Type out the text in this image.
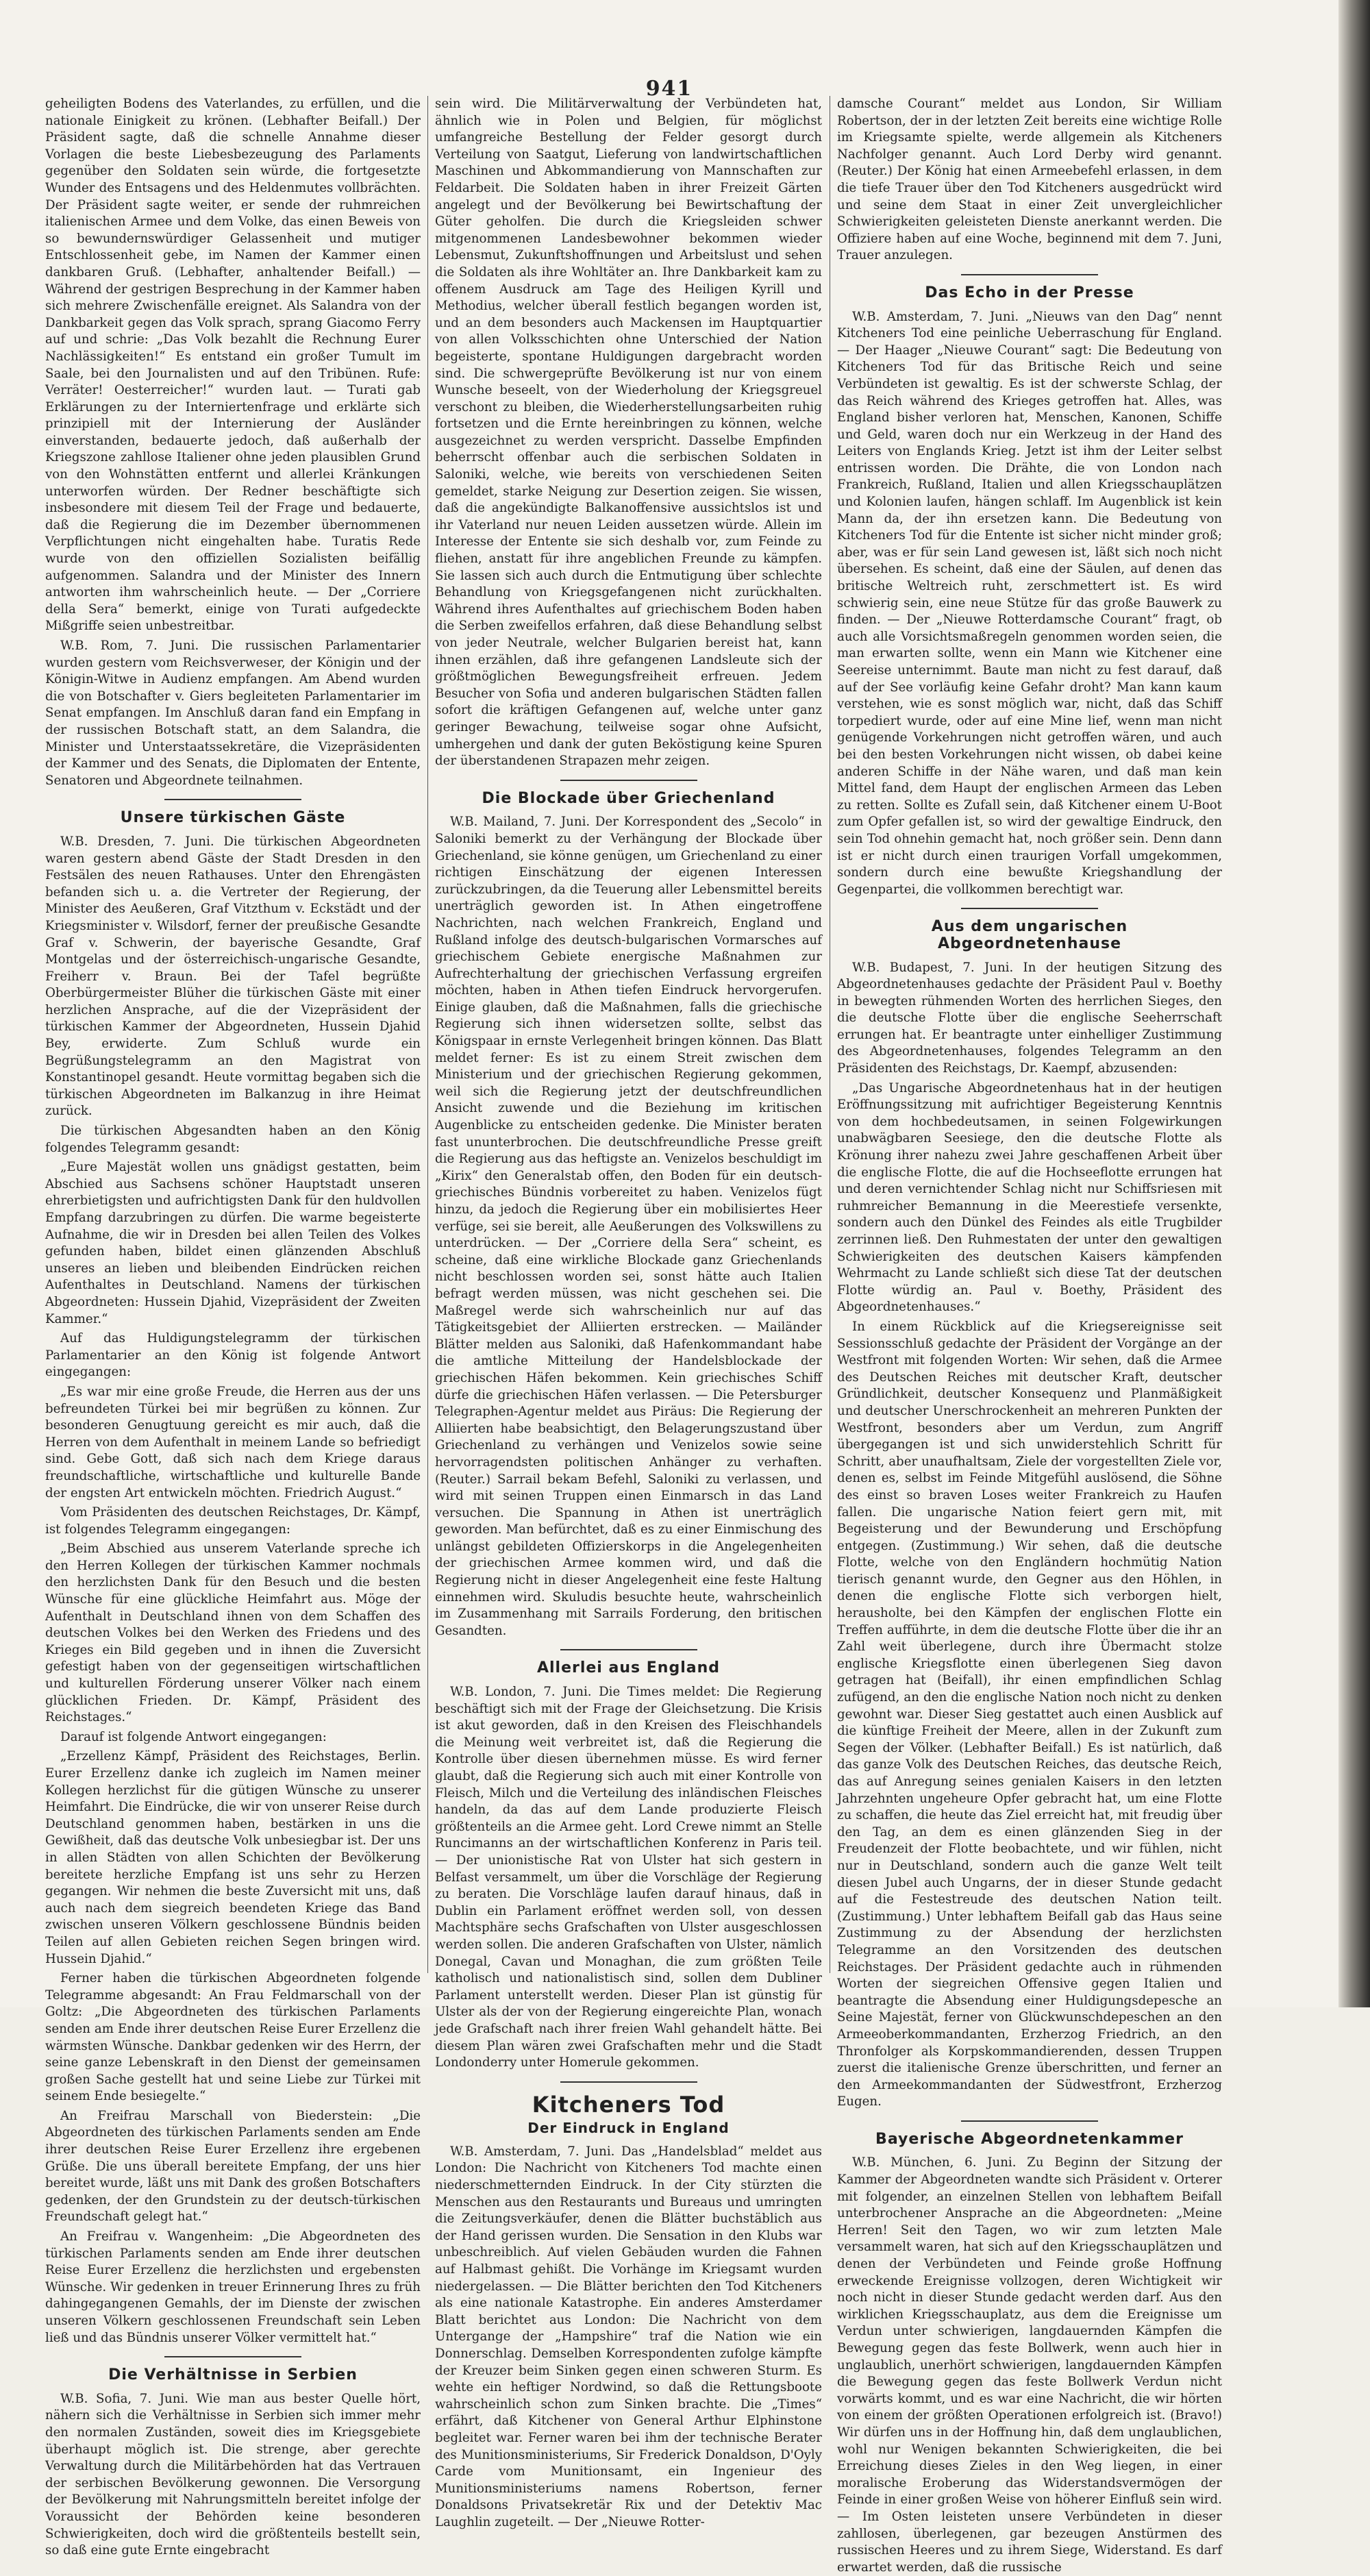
941

geheiligten Bodens des Vaterlandes, zu erfüllen, und die nationale Einigkeit zu krönen. (Lebhafter Beifall.) Der Präsident sagte, daß die schnelle Annahme dieser Vorlagen die beste Liebesbezeugung des Parlaments gegenüber den Soldaten sein würde, die fortgesetzte Wunder des Entsagens und des Heldenmutes vollbrächten. Der Präsident sagte weiter, er sende der ruhmreichen italienischen Armee und dem Volke, das einen Beweis von so bewundernswürdiger Gelassenheit und mutiger Entschlossenheit gebe, im Namen der Kammer einen dankbaren Gruß. (Lebhafter, anhaltender Beifall.) — Während der gestrigen Besprechung in der Kammer haben sich mehrere Zwischenfälle ereignet. Als Salandra von der Dankbarkeit gegen das Volk sprach, sprang Giacomo Ferry auf und schrie: „Das Volk bezahlt die Rechnung Eurer Nachlässigkeiten!“ Es entstand ein großer Tumult im Saale, bei den Journalisten und auf den Tribünen. Rufe: Verräter! Oesterreicher!“ wurden laut. — Turati gab Erklärungen zu der Interniertenfrage und erklärte sich prinzipiell mit der Internierung der Ausländer einverstanden, bedauerte jedoch, daß außerhalb der Kriegszone zahllose Italiener ohne jeden plausiblen Grund von den Wohnstätten entfernt und allerlei Kränkungen unterworfen würden. Der Redner beschäftigte sich insbesondere mit diesem Teil der Frage und bedauerte, daß die Regierung die im Dezember übernommenen Verpflichtungen nicht eingehalten habe. Turatis Rede wurde von den offiziellen Sozialisten beifällig aufgenommen. Salandra und der Minister des Innern antworten ihm wahrscheinlich heute. — Der „Corriere della Sera“ bemerkt, einige von Turati aufgedeckte Mißgriffe seien unbestreitbar.

W.B. Rom, 7. Juni. Die russischen Parlamentarier wurden gestern vom Reichsverweser, der Königin und der Königin-Witwe in Audienz empfangen. Am Abend wurden die von Botschafter v. Giers begleiteten Parlamentarier im Senat empfangen. Im Anschluß daran fand ein Empfang in der russischen Botschaft statt, an dem Salandra, die Minister und Unterstaatssekretäre, die Vizepräsidenten der Kammer und des Senats, die Diplomaten der Entente, Senatoren und Abgeordnete teilnahmen.

Unsere türkischen Gäste

W.B. Dresden, 7. Juni. Die türkischen Abgeordneten waren gestern abend Gäste der Stadt Dresden in den Festsälen des neuen Rathauses. Unter den Ehrengästen befanden sich u. a. die Vertreter der Regierung, der Minister des Aeußeren, Graf Vitzthum v. Eckstädt und der Kriegsminister v. Wilsdorf, ferner der preußische Gesandte Graf v. Schwerin, der bayerische Gesandte, Graf Montgelas und der österreichisch-ungarische Gesandte, Freiherr v. Braun. Bei der Tafel begrüßte Oberbürgermeister Blüher die türkischen Gäste mit einer herzlichen Ansprache, auf die der Vizepräsident der türkischen Kammer der Abgeordneten, Hussein Djahid Bey, erwiderte. Zum Schluß wurde ein Begrüßungstelegramm an den Magistrat von Konstantinopel gesandt. Heute vormittag begaben sich die türkischen Abgeordneten im Balkanzug in ihre Heimat zurück.

Die türkischen Abgesandten haben an den König folgendes Telegramm gesandt:

„Eure Majestät wollen uns gnädigst gestatten, beim Abschied aus Sachsens schöner Hauptstadt unseren ehrerbietigsten und aufrichtigsten Dank für den huldvollen Empfang darzubringen zu dürfen. Die warme begeisterte Aufnahme, die wir in Dresden bei allen Teilen des Volkes gefunden haben, bildet einen glänzenden Abschluß unseres an lieben und bleibenden Eindrücken reichen Aufenthaltes in Deutschland. Namens der türkischen Abgeordneten: Hussein Djahid, Vizepräsident der Zweiten Kammer.“

Auf das Huldigungstelegramm der türkischen Parlamentarier an den König ist folgende Antwort eingegangen:

„Es war mir eine große Freude, die Herren aus der uns befreundeten Türkei bei mir begrüßen zu können. Zur besonderen Genugtuung gereicht es mir auch, daß die Herren von dem Aufenthalt in meinem Lande so befriedigt sind. Gebe Gott, daß sich nach dem Kriege daraus freundschaftliche, wirtschaftliche und kulturelle Bande der engsten Art entwickeln möchten. Friedrich August.“

Vom Präsidenten des deutschen Reichstages, Dr. Kämpf, ist folgendes Telegramm eingegangen:

„Beim Abschied aus unserem Vaterlande spreche ich den Herren Kollegen der türkischen Kammer nochmals den herzlichsten Dank für den Besuch und die besten Wünsche für eine glückliche Heimfahrt aus. Möge der Aufenthalt in Deutschland ihnen von dem Schaffen des deutschen Volkes bei den Werken des Friedens und des Krieges ein Bild gegeben und in ihnen die Zuversicht gefestigt haben von der gegenseitigen wirtschaftlichen und kulturellen Förderung unserer Völker nach einem glücklichen Frieden. Dr. Kämpf, Präsident des Reichstages.“

Darauf ist folgende Antwort eingegangen:

„Erzellenz Kämpf, Präsident des Reichstages, Berlin. Eurer Erzellenz danke ich zugleich im Namen meiner Kollegen herzlichst für die gütigen Wünsche zu unserer Heimfahrt. Die Eindrücke, die wir von unserer Reise durch Deutschland genommen haben, bestärken in uns die Gewißheit, daß das deutsche Volk unbesiegbar ist. Der uns in allen Städten von allen Schichten der Bevölkerung bereitete herzliche Empfang ist uns sehr zu Herzen gegangen. Wir nehmen die beste Zuversicht mit uns, daß auch nach dem siegreich beendeten Kriege das Band zwischen unseren Völkern geschlossene Bündnis beiden Teilen auf allen Gebieten reichen Segen bringen wird. Hussein Djahid.“

Ferner haben die türkischen Abgeordneten folgende Telegramme abgesandt: An Frau Feldmarschall von der Goltz: „Die Abgeordneten des türkischen Parlaments senden am Ende ihrer deutschen Reise Eurer Erzellenz die wärmsten Wünsche. Dankbar gedenken wir des Herrn, der seine ganze Lebenskraft in den Dienst der gemeinsamen großen Sache gestellt hat und seine Liebe zur Türkei mit seinem Ende besiegelte.“

An Freifrau Marschall von Biederstein: „Die Abgeordneten des türkischen Parlaments senden am Ende ihrer deutschen Reise Eurer Erzellenz ihre ergebenen Grüße. Die uns überall bereitete Empfang, der uns hier bereitet wurde, läßt uns mit Dank des großen Botschafters gedenken, der den Grundstein zu der deutsch-türkischen Freundschaft gelegt hat.“

An Freifrau v. Wangenheim: „Die Abgeordneten des türkischen Parlaments senden am Ende ihrer deutschen Reise Eurer Erzellenz die herzlichsten und ergebensten Wünsche. Wir gedenken in treuer Erinnerung Ihres zu früh dahingegangenen Gemahls, der im Dienste der zwischen unseren Völkern geschlossenen Freundschaft sein Leben ließ und das Bündnis unserer Völker vermittelt hat.“

Die Verhältnisse in Serbien

W.B. Sofia, 7. Juni. Wie man aus bester Quelle hört, nähern sich die Verhältnisse in Serbien sich immer mehr den normalen Zuständen, soweit dies im Kriegsgebiete überhaupt möglich ist. Die strenge, aber gerechte Verwaltung durch die Militärbehörden hat das Vertrauen der serbischen Bevölkerung gewonnen. Die Versorgung der Bevölkerung mit Nahrungsmitteln bereitet infolge der Voraussicht der Behörden keine besonderen Schwierigkeiten, doch wird die größtenteils bestellt sein, so daß eine gute Ernte eingebracht

sein wird. Die Militärverwaltung der Verbündeten hat, ähnlich wie in Polen und Belgien, für möglichst umfangreiche Bestellung der Felder gesorgt durch Verteilung von Saatgut, Lieferung von landwirtschaftlichen Maschinen und Abkommandierung von Mannschaften zur Feldarbeit. Die Soldaten haben in ihrer Freizeit Gärten angelegt und der Bevölkerung bei Bewirtschaftung der Güter geholfen. Die durch die Kriegsleiden schwer mitgenommenen Landesbewohner bekommen wieder Lebensmut, Zukunftshoffnungen und Arbeitslust und sehen die Soldaten als ihre Wohltäter an. Ihre Dankbarkeit kam zu offenem Ausdruck am Tage des Heiligen Kyrill und Methodius, welcher überall festlich begangen worden ist, und an dem besonders auch Mackensen im Hauptquartier von allen Volksschichten ohne Unterschied der Nation begeisterte, spontane Huldigungen dargebracht worden sind. Die schwergeprüfte Bevölkerung ist nur von einem Wunsche beseelt, von der Wiederholung der Kriegsgreuel verschont zu bleiben, die Wiederherstellungsarbeiten ruhig fortsetzen und die Ernte hereinbringen zu können, welche ausgezeichnet zu werden verspricht. Dasselbe Empfinden beherrscht offenbar auch die serbischen Soldaten in Saloniki, welche, wie bereits von verschiedenen Seiten gemeldet, starke Neigung zur Desertion zeigen. Sie wissen, daß die angekündigte Balkanoffensive aussichtslos ist und ihr Vaterland nur neuen Leiden aussetzen würde. Allein im Interesse der Entente sie sich deshalb vor, zum Feinde zu fliehen, anstatt für ihre angeblichen Freunde zu kämpfen. Sie lassen sich auch durch die Entmutigung über schlechte Behandlung von Kriegsgefangenen nicht zurückhalten. Während ihres Aufenthaltes auf griechischem Boden haben die Serben zweifellos erfahren, daß diese Behandlung selbst von jeder Neutrale, welcher Bulgarien bereist hat, kann ihnen erzählen, daß ihre gefangenen Landsleute sich der größtmöglichen Bewegungsfreiheit erfreuen. Jedem Besucher von Sofia und anderen bulgarischen Städten fallen sofort die kräftigen Gefangenen auf, welche unter ganz geringer Bewachung, teilweise sogar ohne Aufsicht, umhergehen und dank der guten Beköstigung keine Spuren der überstandenen Strapazen mehr zeigen.

Die Blockade über Griechenland

W.B. Mailand, 7. Juni. Der Korrespondent des „Secolo“ in Saloniki bemerkt zu der Verhängung der Blockade über Griechenland, sie könne genügen, um Griechenland zu einer richtigen Einschätzung der eigenen Interessen zurückzubringen, da die Teuerung aller Lebensmittel bereits unerträglich geworden ist. In Athen eingetroffene Nachrichten, nach welchen Frankreich, England und Rußland infolge des deutsch-bulgarischen Vormarsches auf griechischem Gebiete energische Maßnahmen zur Aufrechterhaltung der griechischen Verfassung ergreifen möchten, haben in Athen tiefen Eindruck hervorgerufen. Einige glauben, daß die Maßnahmen, falls die griechische Regierung sich ihnen widersetzen sollte, selbst das Königspaar in ernste Verlegenheit bringen können. Das Blatt meldet ferner: Es ist zu einem Streit zwischen dem Ministerium und der griechischen Regierung gekommen, weil sich die Regierung jetzt der deutschfreundlichen Ansicht zuwende und die Beziehung im kritischen Augenblicke zu entscheiden gedenke. Die Minister beraten fast ununterbrochen. Die deutschfreundliche Presse greift die Regierung aus das heftigste an. Venizelos beschuldigt im „Kirix“ den Generalstab offen, den Boden für ein deutsch-griechisches Bündnis vorbereitet zu haben. Venizelos fügt hinzu, da jedoch die Regierung über ein mobilisiertes Heer verfüge, sei sie bereit, alle Aeußerungen des Volkswillens zu unterdrücken. — Der „Corriere della Sera“ scheint, es scheine, daß eine wirkliche Blockade ganz Griechenlands nicht beschlossen worden sei, sonst hätte auch Italien befragt werden müssen, was nicht geschehen sei. Die Maßregel werde sich wahrscheinlich nur auf das Tätigkeitsgebiet der Alliierten erstrecken. — Mailänder Blätter melden aus Saloniki, daß Hafenkommandant habe die amtliche Mitteilung der Handelsblockade der griechischen Häfen bekommen. Kein griechisches Schiff dürfe die griechischen Häfen verlassen. — Die Petersburger Telegraphen-Agentur meldet aus Piräus: Die Regierung der Alliierten habe beabsichtigt, den Belagerungszustand über Griechenland zu verhängen und Venizelos sowie seine hervorragendsten politischen Anhänger zu verhaften. (Reuter.) Sarrail bekam Befehl, Saloniki zu verlassen, und wird mit seinen Truppen einen Einmarsch in das Land versuchen. Die Spannung in Athen ist unerträglich geworden. Man befürchtet, daß es zu einer Einmischung des unlängst gebildeten Offizierskorps in die Angelegenheiten der griechischen Armee kommen wird, und daß die Regierung nicht in dieser Angelegenheit eine feste Haltung einnehmen wird. Skuludis besuchte heute, wahrscheinlich im Zusammenhang mit Sarrails Forderung, den britischen Gesandten.

Allerlei aus England

W.B. London, 7. Juni. Die Times meldet: Die Regierung beschäftigt sich mit der Frage der Gleichsetzung. Die Krisis ist akut geworden, daß in den Kreisen des Fleischhandels die Meinung weit verbreitet ist, daß die Regierung die Kontrolle über diesen übernehmen müsse. Es wird ferner glaubt, daß die Regierung sich auch mit einer Kontrolle von Fleisch, Milch und die Verteilung des inländischen Fleisches handeln, da das auf dem Lande produzierte Fleisch größtenteils an die Armee geht. Lord Crewe nimmt an Stelle Runcimanns an der wirtschaftlichen Konferenz in Paris teil. — Der unionistische Rat von Ulster hat sich gestern in Belfast versammelt, um über die Vorschläge der Regierung zu beraten. Die Vorschläge laufen darauf hinaus, daß in Dublin ein Parlament eröffnet werden soll, von dessen Machtsphäre sechs Grafschaften von Ulster ausgeschlossen werden sollen. Die anderen Grafschaften von Ulster, nämlich Donegal, Cavan und Monaghan, die zum größten Teile katholisch und nationalistisch sind, sollen dem Dubliner Parlament unterstellt werden. Dieser Plan ist günstig für Ulster als der von der Regierung eingereichte Plan, wonach jede Grafschaft nach ihrer freien Wahl gehandelt hätte. Bei diesem Plan wären zwei Grafschaften mehr und die Stadt Londonderry unter Homerule gekommen.

Kitcheners Tod
Der Eindruck in England

W.B. Amsterdam, 7. Juni. Das „Handelsblad“ meldet aus London: Die Nachricht von Kitcheners Tod machte einen niederschmetternden Eindruck. In der City stürzten die Menschen aus den Restaurants und Bureaus und umringten die Zeitungsverkäufer, denen die Blätter buchstäblich aus der Hand gerissen wurden. Die Sensation in den Klubs war unbeschreiblich. Auf vielen Gebäuden wurden die Fahnen auf Halbmast gehißt. Die Vorhänge im Kriegsamt wurden niedergelassen. — Die Blätter berichten den Tod Kitcheners als eine nationale Katastrophe. Ein anderes Amsterdamer Blatt berichtet aus London: Die Nachricht von dem Untergange der „Hampshire“ traf die Nation wie ein Donnerschlag. Demselben Korrespondenten zufolge kämpfte der Kreuzer beim Sinken gegen einen schweren Sturm. Es wehte ein heftiger Nordwind, so daß die Rettungsboote wahrscheinlich schon zum Sinken brachte. Die „Times“ erfährt, daß Kitchener von General Arthur Elphinstone begleitet war. Ferner waren bei ihm der technische Berater des Munitionsministeriums, Sir Frederick Donaldson, D'Oyly Carde vom Munitionsamt, ein Ingenieur des Munitionsministeriums namens Robertson, ferner Donaldsons Privatsekretär Rix und der Detektiv Mac Laughlin zugeteilt. — Der „Nieuwe Rotter-

damsche Courant“ meldet aus London, Sir William Robertson, der in der letzten Zeit bereits eine wichtige Rolle im Kriegsamte spielte, werde allgemein als Kitcheners Nachfolger genannt. Auch Lord Derby wird genannt. (Reuter.) Der König hat einen Armeebefehl erlassen, in dem die tiefe Trauer über den Tod Kitcheners ausgedrückt wird und seine dem Staat in einer Zeit unvergleichlicher Schwierigkeiten geleisteten Dienste anerkannt werden. Die Offiziere haben auf eine Woche, beginnend mit dem 7. Juni, Trauer anzulegen.

Das Echo in der Presse

W.B. Amsterdam, 7. Juni. „Nieuws van den Dag“ nennt Kitcheners Tod eine peinliche Ueberraschung für England. — Der Haager „Nieuwe Courant“ sagt: Die Bedeutung von Kitcheners Tod für das Britische Reich und seine Verbündeten ist gewaltig. Es ist der schwerste Schlag, der das Reich während des Krieges getroffen hat. Alles, was England bisher verloren hat, Menschen, Kanonen, Schiffe und Geld, waren doch nur ein Werkzeug in der Hand des Leiters von Englands Krieg. Jetzt ist ihm der Leiter selbst entrissen worden. Die Drähte, die von London nach Frankreich, Rußland, Italien und allen Kriegsschauplätzen und Kolonien laufen, hängen schlaff. Im Augenblick ist kein Mann da, der ihn ersetzen kann. Die Bedeutung von Kitcheners Tod für die Entente ist sicher nicht minder groß; aber, was er für sein Land gewesen ist, läßt sich noch nicht übersehen. Es scheint, daß eine der Säulen, auf denen das britische Weltreich ruht, zerschmettert ist. Es wird schwierig sein, eine neue Stütze für das große Bauwerk zu finden. — Der „Nieuwe Rotterdamsche Courant“ fragt, ob auch alle Vorsichtsmaßregeln genommen worden seien, die man erwarten sollte, wenn ein Mann wie Kitchener eine Seereise unternimmt. Baute man nicht zu fest darauf, daß auf der See vorläufig keine Gefahr droht? Man kann kaum verstehen, wie es sonst möglich war, nicht, daß das Schiff torpediert wurde, oder auf eine Mine lief, wenn man nicht genügende Vorkehrungen nicht getroffen wären, und auch bei den besten Vorkehrungen nicht wissen, ob dabei keine anderen Schiffe in der Nähe waren, und daß man kein Mittel fand, dem Haupt der englischen Armeen das Leben zu retten. Sollte es Zufall sein, daß Kitchener einem U-Boot zum Opfer gefallen ist, so wird der gewaltige Eindruck, den sein Tod ohnehin gemacht hat, noch größer sein. Denn dann ist er nicht durch einen traurigen Vorfall umgekommen, sondern durch eine bewußte Kriegshandlung der Gegenpartei, die vollkommen berechtigt war.

Aus dem ungarischen Abgeordnetenhause

W.B. Budapest, 7. Juni. In der heutigen Sitzung des Abgeordnetenhauses gedachte der Präsident Paul v. Boethy in bewegten rühmenden Worten des herrlichen Sieges, den die deutsche Flotte über die englische Seeherrschaft errungen hat. Er beantragte unter einhelliger Zustimmung des Abgeordnetenhauses, folgendes Telegramm an den Präsidenten des Reichstags, Dr. Kaempf, abzusenden:

„Das Ungarische Abgeordnetenhaus hat in der heutigen Eröffnungssitzung mit aufrichtiger Begeisterung Kenntnis von dem hochbedeutsamen, in seinen Folgewirkungen unabwägbaren Seesiege, den die deutsche Flotte als Krönung ihrer nahezu zwei Jahre geschaffenen Arbeit über die englische Flotte, die auf die Hochseeflotte errungen hat und deren vernichtender Schlag nicht nur Schiffsriesen mit ruhmreicher Bemannung in die Meerestiefe versenkte, sondern auch den Dünkel des Feindes als eitle Trugbilder zerrinnen ließ. Den Ruhmestaten der unter den gewaltigen Schwierigkeiten des deutschen Kaisers kämpfenden Wehrmacht zu Lande schließt sich diese Tat der deutschen Flotte würdig an. Paul v. Boethy, Präsident des Abgeordnetenhauses.“

In einem Rückblick auf die Kriegsereignisse seit Sessionsschluß gedachte der Präsident der Vorgänge an der Westfront mit folgenden Worten: Wir sehen, daß die Armee des Deutschen Reiches mit deutscher Kraft, deutscher Gründlichkeit, deutscher Konsequenz und Planmäßigkeit und deutscher Unerschrockenheit an mehreren Punkten der Westfront, besonders aber um Verdun, zum Angriff übergegangen ist und sich unwiderstehlich Schritt für Schritt, aber unaufhaltsam, Ziele der vorgestellten Ziele vor, denen es, selbst im Feinde Mitgefühl auslösend, die Söhne des einst so braven Loses weiter Frankreich zu Haufen fallen. Die ungarische Nation feiert gern mit, mit Begeisterung und der Bewunderung und Erschöpfung entgegen. (Zustimmung.) Wir sehen, daß die deutsche Flotte, welche von den Engländern hochmütig Nation tierisch genannt wurde, den Gegner aus den Höhlen, in denen die englische Flotte sich verborgen hielt, herausholte, bei den Kämpfen der englischen Flotte ein Treffen aufführte, in dem die deutsche Flotte über die ihr an Zahl weit überlegene, durch ihre Übermacht stolze englische Kriegsflotte einen überlegenen Sieg davon getragen hat (Beifall), ihr einen empfindlichen Schlag zufügend, an den die englische Nation noch nicht zu denken gewohnt war. Dieser Sieg gestattet auch einen Ausblick auf die künftige Freiheit der Meere, allen in der Zukunft zum Segen der Völker. (Lebhafter Beifall.) Es ist natürlich, daß das ganze Volk des Deutschen Reiches, das deutsche Reich, das auf Anregung seines genialen Kaisers in den letzten Jahrzehnten ungeheure Opfer gebracht hat, um eine Flotte zu schaffen, die heute das Ziel erreicht hat, mit freudig über den Tag, an dem es einen glänzenden Sieg in der Freudenzeit der Flotte beobachtete, und wir fühlen, nicht nur in Deutschland, sondern auch die ganze Welt teilt diesen Jubel auch Ungarns, der in dieser Stunde gedacht auf die Festestreude des deutschen Nation teilt. (Zustimmung.) Unter lebhaftem Beifall gab das Haus seine Zustimmung zu der Absendung der herzlichsten Telegramme an den Vorsitzenden des deutschen Reichstages. Der Präsident gedachte auch in rühmenden Worten der siegreichen Offensive gegen Italien und beantragte die Absendung einer Huldigungsdepesche an Seine Majestät, ferner von Glückwunschdepeschen an den Armeeoberkommandanten, Erzherzog Friedrich, an den Thronfolger als Korpskommandierenden, dessen Truppen zuerst die italienische Grenze überschritten, und ferner an den Armeekommandanten der Südwestfront, Erzherzog Eugen.

Bayerische Abgeordnetenkammer

W.B. München, 6. Juni. Zu Beginn der Sitzung der Kammer der Abgeordneten wandte sich Präsident v. Orterer mit folgender, an einzelnen Stellen von lebhaftem Beifall unterbrochener Ansprache an die Abgeordneten: „Meine Herren! Seit den Tagen, wo wir zum letzten Male versammelt waren, hat sich auf den Kriegsschauplätzen und denen der Verbündeten und Feinde große Hoffnung erweckende Ereignisse vollzogen, deren Wichtigkeit wir noch nicht in dieser Stunde gedacht werden darf. Aus den wirklichen Kriegsschauplatz, aus dem die Ereignisse um Verdun unter schwierigen, langdauernden Kämpfen die Bewegung gegen das feste Bollwerk, wenn auch hier in unglaublich, unerhört schwierigen, langdauernden Kämpfen die Bewegung gegen das feste Bollwerk Verdun nicht vorwärts kommt, und es war eine Nachricht, die wir hörten von einem der größten Operationen erfolgreich ist. (Bravo!) Wir dürfen uns in der Hoffnung hin, daß dem unglaublichen, wohl nur Wenigen bekannten Schwierigkeiten, die bei Erreichung dieses Zieles in den Weg liegen, in einer moralische Eroberung das Widerstandsvermögen der Feinde in einer großen Weise von höherer Einfluß sein wird. — Im Osten leisteten unsere Verbündeten in dieser zahllosen, überlegenen, gar bezeugen Anstürmen des russischen Heeres und zu ihrem Siege, Widerstand. Es darf erwartet werden, daß die russische
